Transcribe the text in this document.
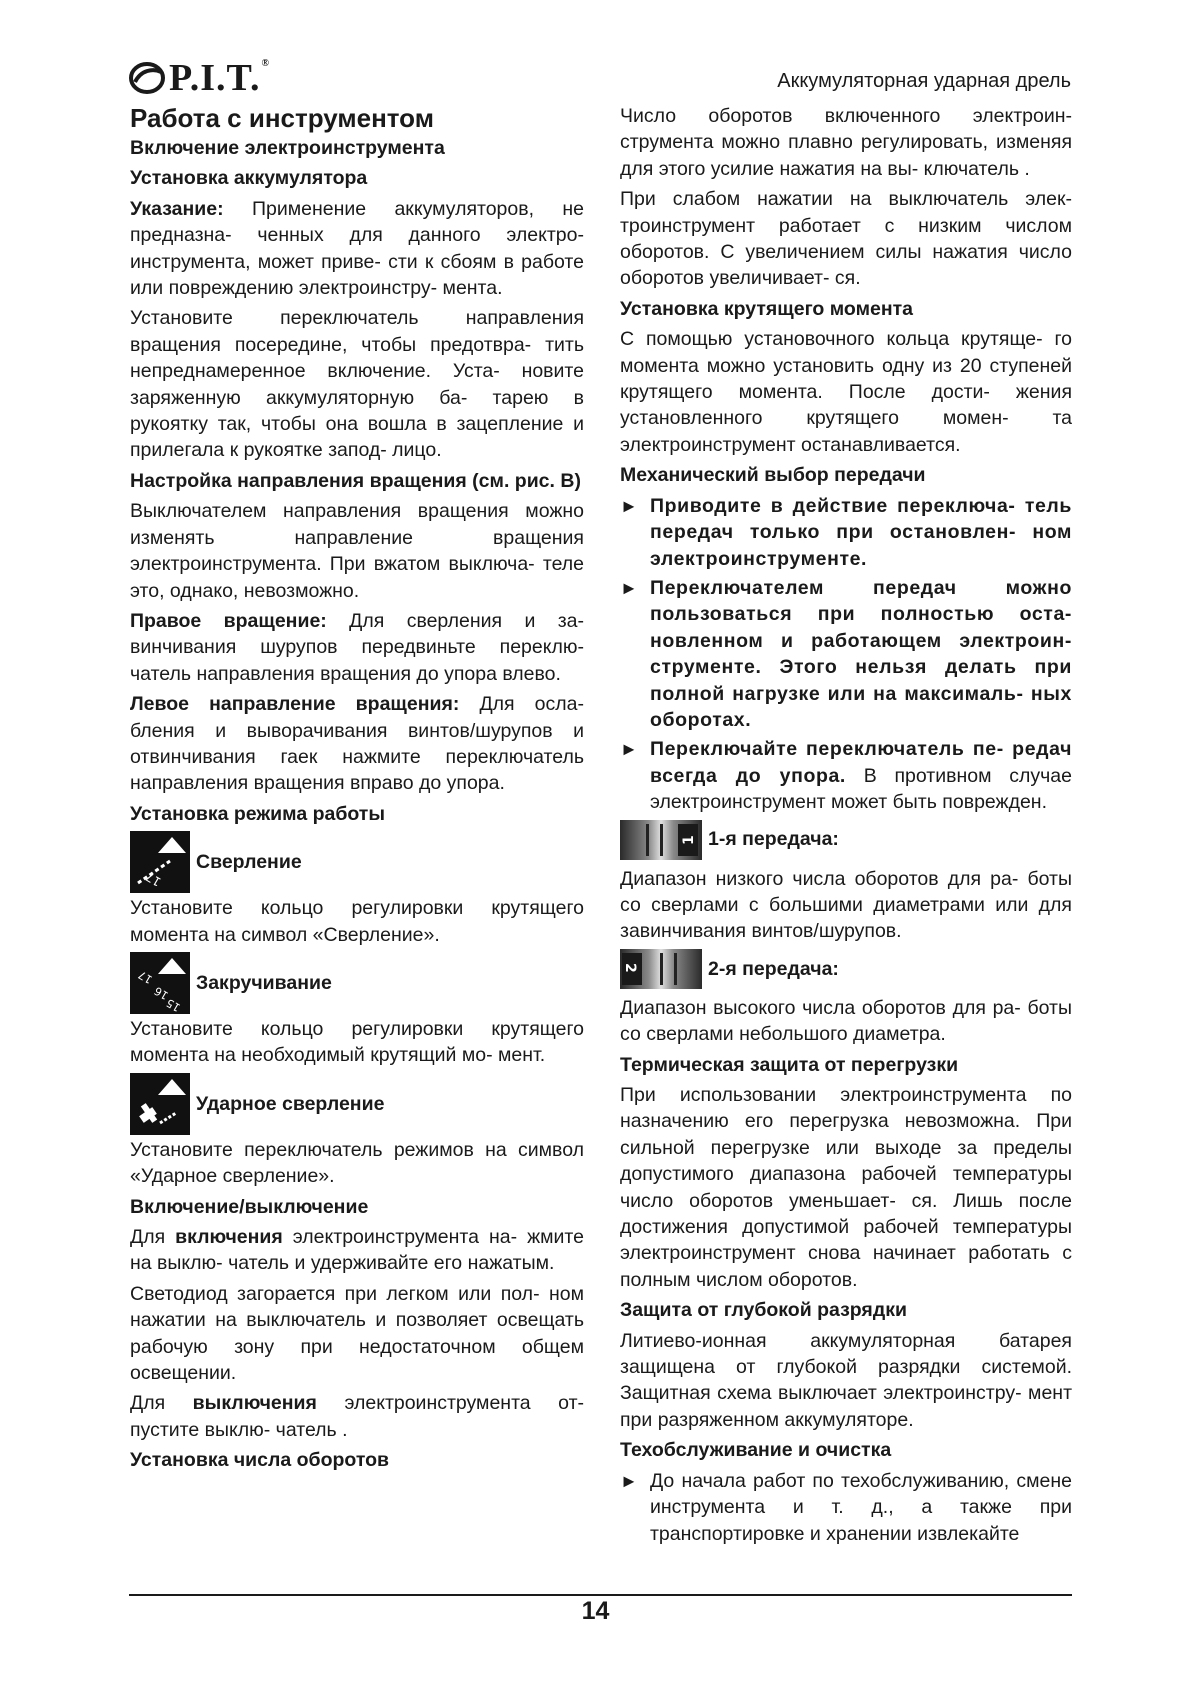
P.I.T.®
Аккумуляторная ударная дрель
Работа с инструментом

Включение электроинструмента

Установка аккумулятора

Указание: Применение аккумуляторов, не предназна- ченных для данного электро- инструмента, может приве- сти к сбоям в работе или повреждению электроинстру- мента.

Установите переключатель направления вращения посередине, чтобы предотвра- тить непреднамеренное включение. Уста- новите заряженную аккумуляторную ба- тарею в рукоятку так, чтобы она вошла в зацепление и прилегала к рукоятке запод- лицо.

Настройка направления вращения (см. рис. B)

Выключателем направления вращения можно изменять направление вращения электроинструмента. При вжатом выключа- теле это, однако, невозможно.

Правое вращение: Для сверления и за- винчивания шурупов передвиньте переклю- чатель направления вращения до упора влево.

Левое направление вращения: Для осла- бления и выворачивания винтов/шурупов и отвинчивания гаек нажмите переключатель направления вращения вправо до упора.

Установка режима работы

17
Сверление

Установите кольцо регулировки крутящего момента на символ «Сверление».

17
16
15
Закручивание

Установите кольцо регулировки крутящего момента на необходимый крутящий мо- мент.

Ударное сверление

Установите переключатель режимов на символ «Ударное сверление».

Включение/выключение

Для включения электроинструмента на- жмите на выклю- чатель и удерживайте его нажатым.

Светодиод загорается при легком или пол- ном нажатии на выключатель и позволяет освещать рабочую зону при недостаточном общем освещении.

Для выключения электроинструмента от- пустите выклю- чатель .

Установка числа оборотов

Число оборотов включенного электроин- струмента можно плавно регулировать, изменяя для этого усилие нажатия на вы- ключатель .

При слабом нажатии на выключатель элек- троинструмент работает с низким числом оборотов. С увеличением силы нажатия число оборотов увеличивает- ся.

Установка крутящего момента

С помощью установочного кольца крутяще- го момента можно установить одну из 20 ступеней крутящего момента. После дости- жения установленного крутящего момен- та электроинструмент останавливается.

Механический выбор передачи

► Приводите в действие переключа- тель передач только при остановлен- ном электроинструменте.
► Переключателем передач можно пользоваться при полностью оста- новленном и работающем электроин- струменте. Этого нельзя делать при полной нагрузке или на максималь- ных оборотах.
► Переключайте переключатель пе- редач всегда до упора. В противном случае электроинструмент может быть поврежден.
1 1-я передача:

Диапазон низкого числа оборотов для ра- боты со сверлами с большими диаметрами или для завинчивания винтов/шурупов.

2	2-я передача:

Диапазон высокого числа оборотов для ра- боты со сверлами небольшого диаметра.

Термическая защита от перегрузки

При использовании электроинструмента по назначению его перегрузка невозможна. При сильной перегрузке или выходе за пределы допустимого диапазона рабочей температуры число оборотов уменьшает- ся. Лишь после достижения допустимой рабочей температуры электроинструмент снова начинает работать с полным числом оборотов.

Защита от глубокой разрядки

Литиево-ионная аккумуляторная батарея защищена от глубокой разрядки системой. Защитная схема выключает электроинстру- мент при разряженном аккумуляторе.

Техобслуживание и очистка

► До начала работ по техобслуживанию, смене инструмента и т. д., а также при транспортировке и хранении извлекайте
14
